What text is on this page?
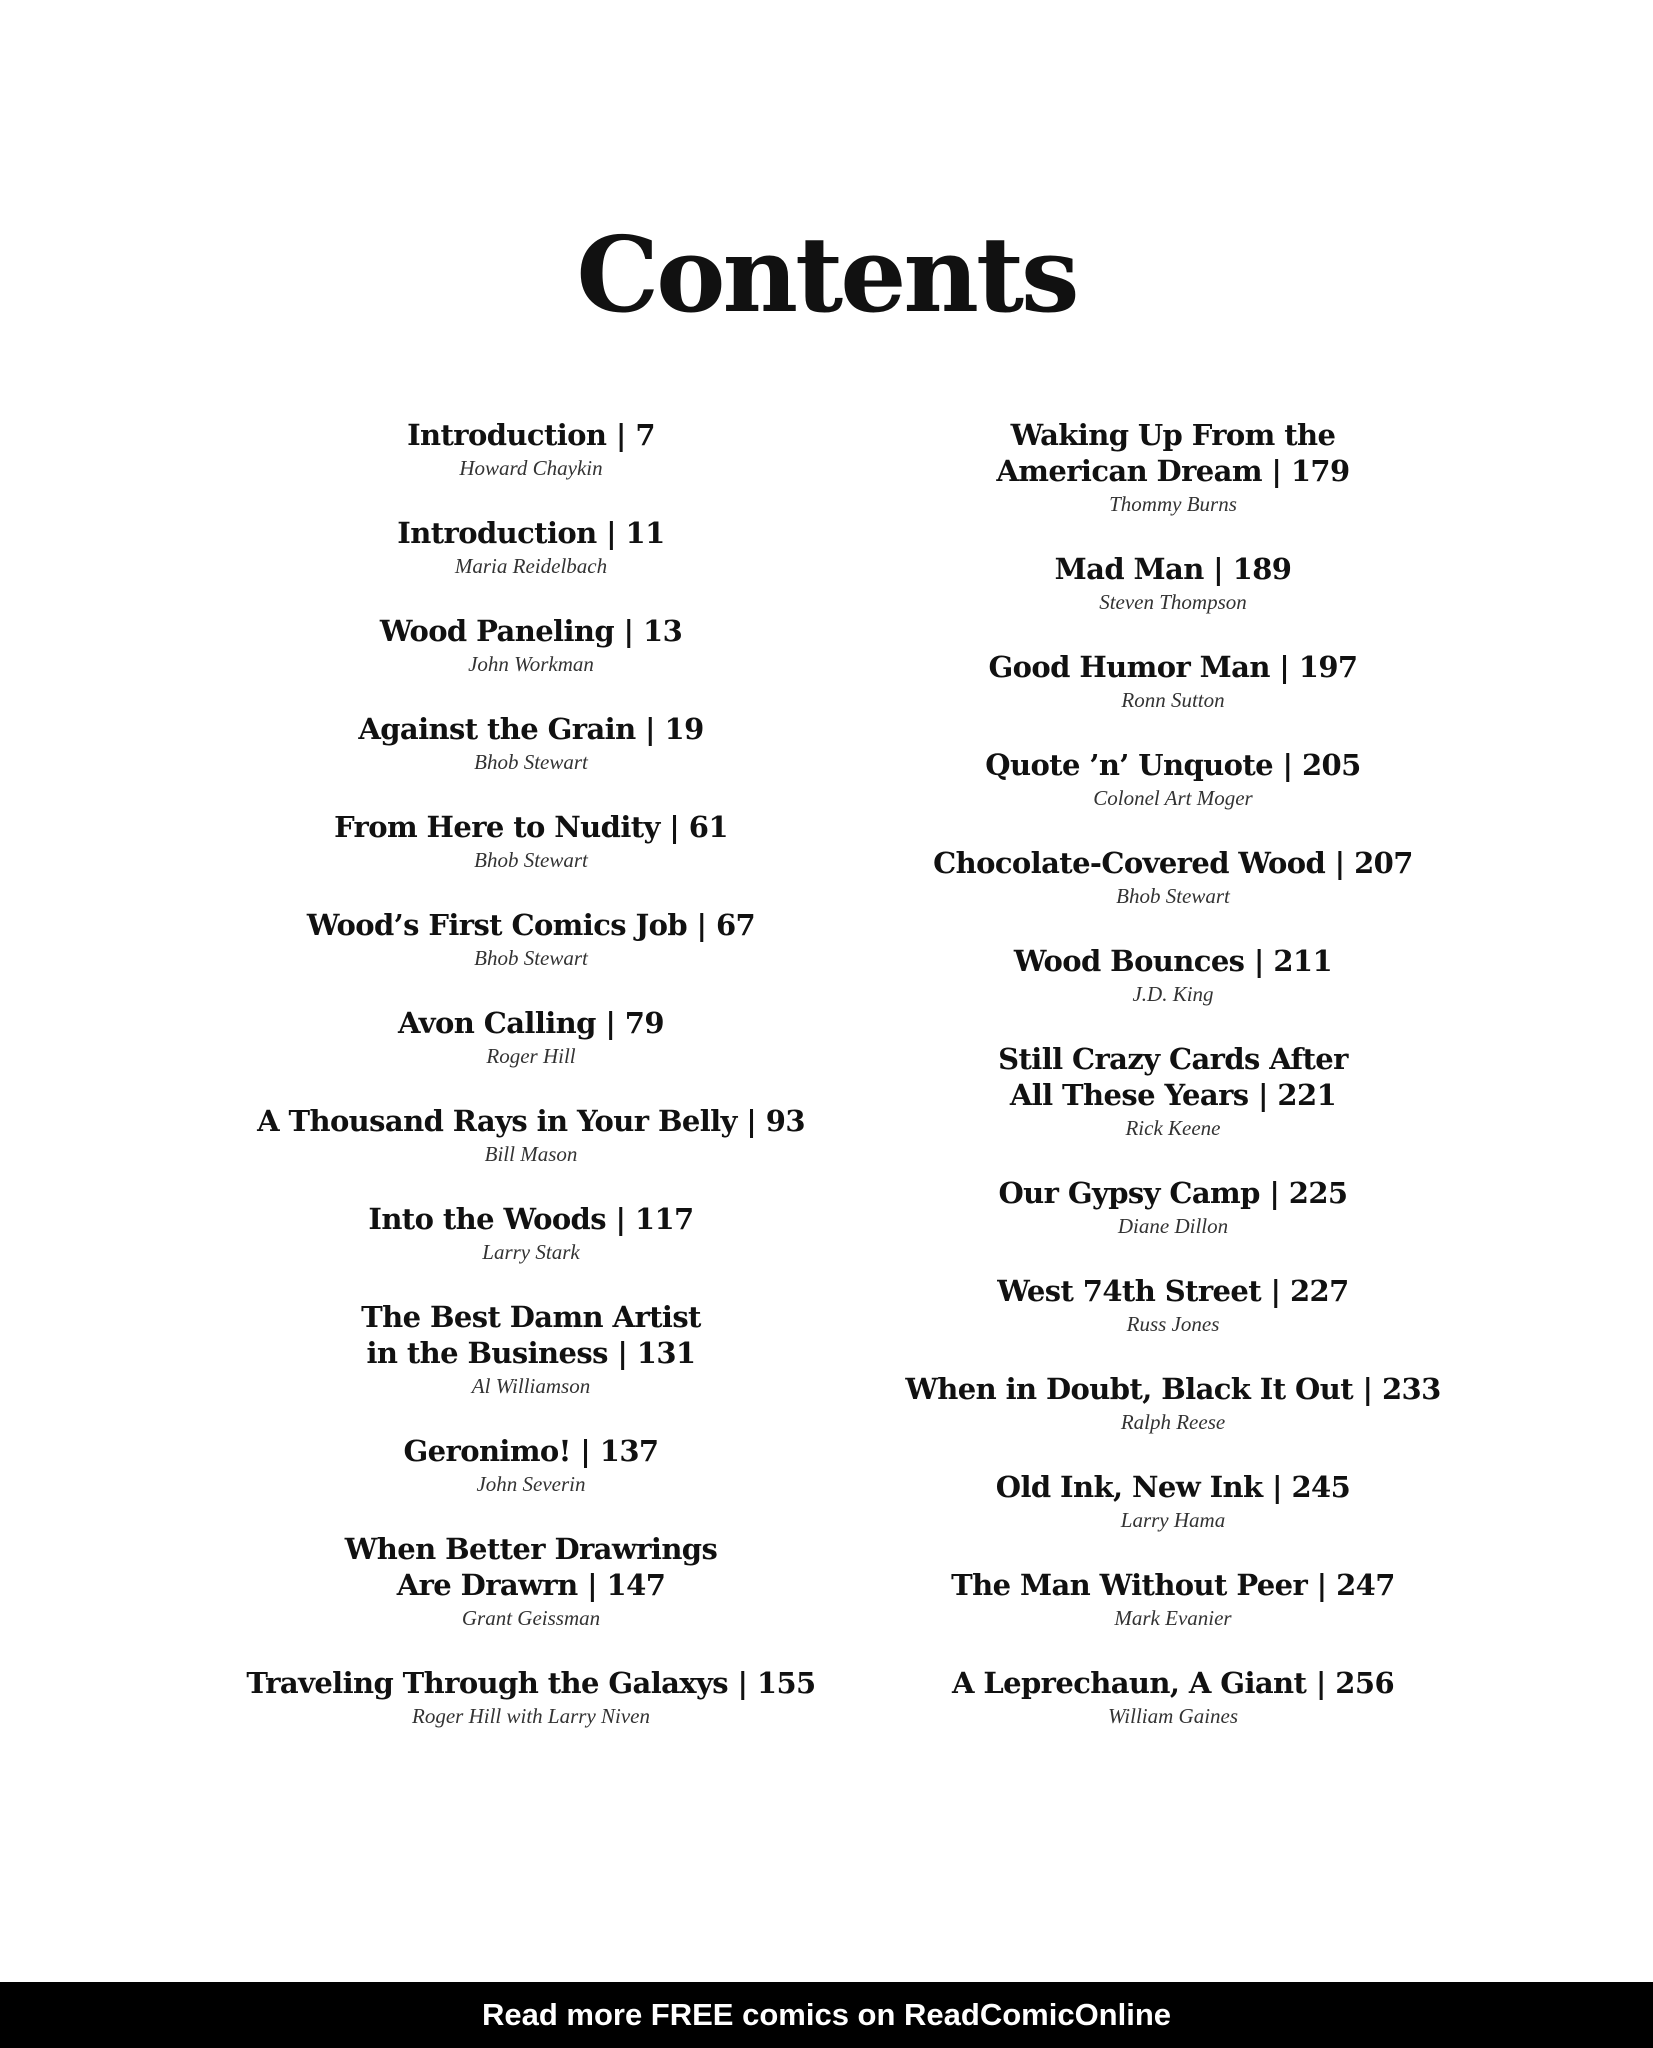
Contents
Introduction | 7
Howard Chaykin
Introduction | 11
Maria Reidelbach
Wood Paneling | 13
John Workman
Against the Grain | 19
Bhob Stewart
From Here to Nudity | 61
Bhob Stewart
Wood’s First Comics Job | 67
Bhob Stewart
Avon Calling | 79
Roger Hill
A Thousand Rays in Your Belly | 93
Bill Mason
Into the Woods | 117
Larry Stark
The Best Damn Artist
in the Business | 131
Al Williamson
Geronimo! | 137
John Severin
When Better Drawrings
Are Drawrn | 147
Grant Geissman
Traveling Through the Galaxys | 155
Roger Hill with Larry Niven
Waking Up From the
American Dream | 179
Thommy Burns
Mad Man | 189
Steven Thompson
Good Humor Man | 197
Ronn Sutton
Quote ’n’ Unquote | 205
Colonel Art Moger
Chocolate-Covered Wood | 207
Bhob Stewart
Wood Bounces | 211
J.D. King
Still Crazy Cards After
All These Years | 221
Rick Keene
Our Gypsy Camp | 225
Diane Dillon
West 74th Street | 227
Russ Jones
When in Doubt, Black It Out | 233
Ralph Reese
Old Ink, New Ink | 245
Larry Hama
The Man Without Peer | 247
Mark Evanier
A Leprechaun, A Giant | 256
William Gaines
Read more FREE comics on ReadComicOnline
